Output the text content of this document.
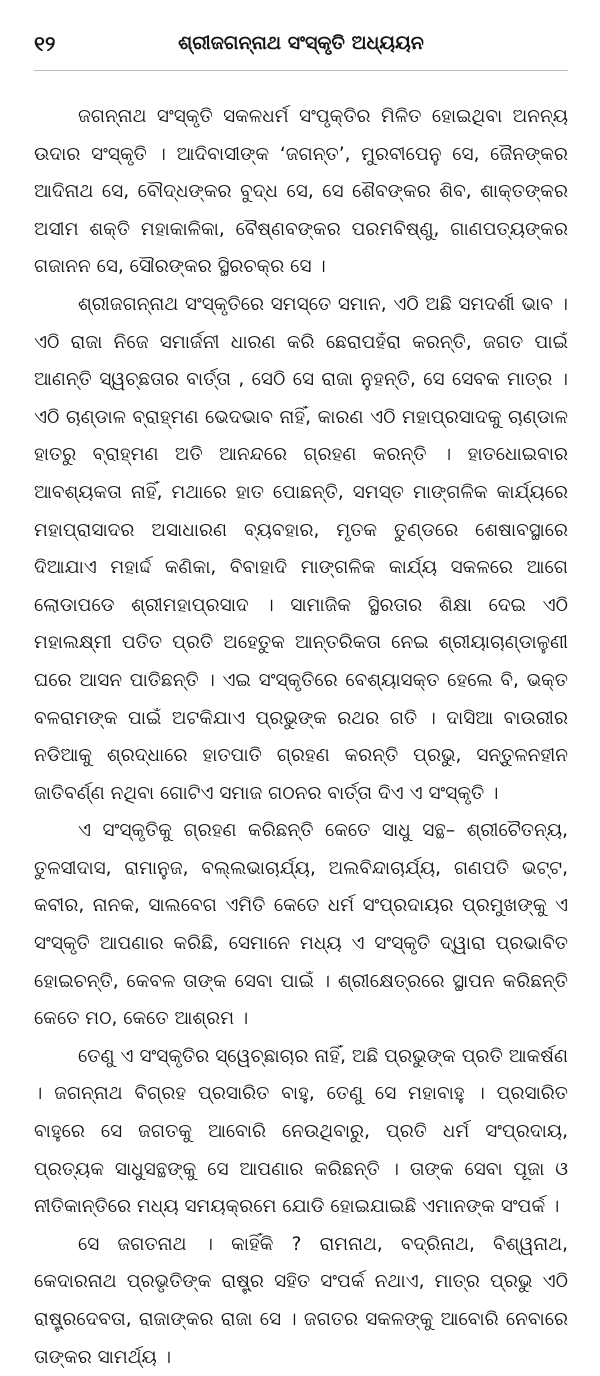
୧୨	ଶ୍ରୀଜଗନ୍ନାଥ ସଂସ୍କୃତି ଅଧ୍ୟୟନ

ଜଗନ୍ନାଥ ସଂସ୍କୃତି ସକଳଧର୍ମ ସଂପୃକ୍ତିର ମିଳିତ ହୋଇଥିବା ଅନନ୍ୟ ଉଦାର ସଂସ୍କୃତି । ଆଦିବାସୀଙ୍କ ‘ଜଗନ୍ତ’, ମୁରବୀପେନୁ ସେ, ଜୈନଙ୍କର ଆଦିନାଥ ସେ, ବୌଦ୍ଧଙ୍କର ବୁଦ୍ଧ ସେ, ସେ ଶୈବଙ୍କର ଶିବ, ଶାକ୍ତଙ୍କର ଅସୀମ ଶକ୍ତି ମହାକାଳିକା, ବୈଷ୍ଣବଙ୍କର ପରମବିଷ୍ଣୁ, ଗାଣପତ୍ୟଙ୍କର ଗଜାନନ ସେ, ସୌରଙ୍କର ସ୍ଥିରଚକ୍ର ସେ ।

ଶ୍ରୀଜଗନ୍ନାଥ ସଂସ୍କୃତିରେ ସମସ୍ତେ ସମାନ, ଏଠି ଅଛି ସମଦର୍ଶୀ ଭାବ । ଏଠି ରାଜା ନିଜେ ସମାର୍ଜନୀ ଧାରଣ କରି ଛେରାପହଁରା କରନ୍ତି, ଜଗତ ପାଇଁ ଆଣନ୍ତି ସ୍ୱଚ୍ଛତାର ବାର୍ତ୍ତା , ସେଠି ସେ ରାଜା ନୁହନ୍ତି, ସେ ସେବକ ମାତ୍ର । ଏଠି ଚାଣ୍ଡାଳ ବ୍ରାହ୍ମଣ ଭେଦଭାବ ନାହିଁ, କାରଣ ଏଠି ମହାପ୍ରସାଦକୁ ଚାଣ୍ଡାଳ ହାତରୁ ବ୍ରାହ୍ମଣ ଅତି ଆନନ୍ଦରେ ଗ୍ରହଣ କରନ୍ତି । ହାତଧୋଇବାର ଆବଶ୍ୟକତା ନାହିଁ, ମଥାରେ ହାତ ପୋଛନ୍ତି, ସମସ୍ତ ମାଙ୍ଗଳିକ କାର୍ଯ୍ୟରେ ମହାପ୍ରାସାଦର ଅସାଧାରଣ ବ୍ୟବହାର, ମୃତକ ତୁଣ୍ଡରେ ଶେଷାବସ୍ଥାରେ ଦିଆଯାଏ ମହାର୍ଦ୍ଦ କଣିକା, ବିବାହାଦି ମାଙ୍ଗଳିକ କାର୍ଯ୍ୟ ସକଳରେ ଆଗେ ଲୋଡାପଡେ ଶ୍ରୀମହାପ୍ରସାଦ । ସାମାଜିକ ସ୍ଥିରତାର ଶିକ୍ଷା ଦେଇ ଏଠି ମହାଲକ୍ଷ୍ମୀ ପତିତ ପ୍ରତି ଅହେତୁକ ଆନ୍ତରିକତା ନେଇ ଶ୍ରୀୟାଚାଣ୍ଡାଳୁଣୀ ଘରେ ଆସନ ପାତିଛନ୍ତି । ଏଇ ସଂସ୍କୃତିରେ ବେଶ୍ୟାସକ୍ତ ହେଲେ ବି, ଭକ୍ତ ବଳରାମଙ୍କ ପାଇଁ ଅଟକିଯାଏ ପ୍ରଭୁଙ୍କ ରଥର ଗତି । ଦାସିଆ ବାଉରୀର ନଡିଆକୁ ଶ୍ରଦ୍ଧାରେ ହାତପାତି ଗ୍ରହଣ କରନ୍ତି ପ୍ରଭୁ, ସନ୍ତୁଳନହୀନ ଜାତିବର୍ଣ୍ଣ ନଥିବା ଗୋଟିଏ ସମାଜ ଗଠନର ବାର୍ତ୍ତା ଦିଏ ଏ ସଂସ୍କୃତି ।

ଏ ସଂସ୍କୃତିକୁ ଗ୍ରହଣ କରିଛନ୍ତି କେତେ ସାଧୁ ସନ୍ଥ– ଶ୍ରୀଚୈତନ୍ୟ, ତୁଳସୀଦାସ, ରାମାନୁଜ, ବଲ୍ଲଭାଚାର୍ଯ୍ୟ, ଅଲବିନ୍ଦାଚାର୍ଯ୍ୟ, ଗଣପତି ଭଟ୍ଟ, କବୀର, ନାନକ, ସାଲବେଗ ଏମିତି କେତେ ଧର୍ମ ସଂପ୍ରଦାୟର ପ୍ରମୁଖଙ୍କୁ ଏ ସଂସ୍କୃତି ଆପଣାର କରିଛି, ସେମାନେ ମଧ୍ୟ ଏ ସଂସ୍କୃତି ଦ୍ୱାରା ପ୍ରଭାବିତ ହୋଇଚନ୍ତି, କେବଳ ତାଙ୍କ ସେବା ପାଇଁ । ଶ୍ରୀକ୍ଷେତ୍ରରେ ସ୍ଥାପନ କରିଛନ୍ତି କେତେ ମଠ, କେତେ ଆଶ୍ରମ ।

ତେଣୁ ଏ ସଂସ୍କୃତିର ସ୍ୱେଚ୍ଛାଚାର ନାହିଁ, ଅଛି ପ୍ରଭୁଙ୍କ ପ୍ରତି ଆକର୍ଷଣ । ଜଗନ୍ନାଥ ବିଗ୍ରହ ପ୍ରସାରିତ ବାହୁ, ତେଣୁ ସେ ମହାବାହୁ । ପ୍ରସାରିତ ବାହୁରେ ସେ ଜଗତକୁ ଆବୋରି ନେଉଥିବାରୁ, ପ୍ରତି ଧର୍ମ ସଂପ୍ରଦାୟ, ପ୍ରତ୍ୟକ ସାଧୁସନ୍ଥଙ୍କୁ ସେ ଆପଣାର କରିଛନ୍ତି । ତାଙ୍କ ସେବା ପୂଜା ଓ ନୀତିକାନ୍ତିରେ ମଧ୍ୟ ସମୟକ୍ରମେ ଯୋଡି ହୋଇଯାଇଛି ଏମାନଙ୍କ ସଂପର୍କ ।

ସେ ଜଗତନାଥ । କାହିଁକି ? ରାମନାଥ, ବଦ୍ରିନାଥ, ବିଶ୍ୱନାଥ, କେଦାରନାଥ ପ୍ରଭୃତିଙ୍କ ରାଷ୍ଟ୍ର ସହିତ ସଂପର୍କ ନଥାଏ, ମାତ୍ର ପ୍ରଭୁ ଏଠି ରାଷ୍ଟ୍ରଦେବତା, ରାଜାଙ୍କର ରାଜା ସେ । ଜଗତର ସକଳଙ୍କୁ ଆବୋରି ନେବାରେ ତାଙ୍କର ସାମର୍ଥ୍ୟ ।
